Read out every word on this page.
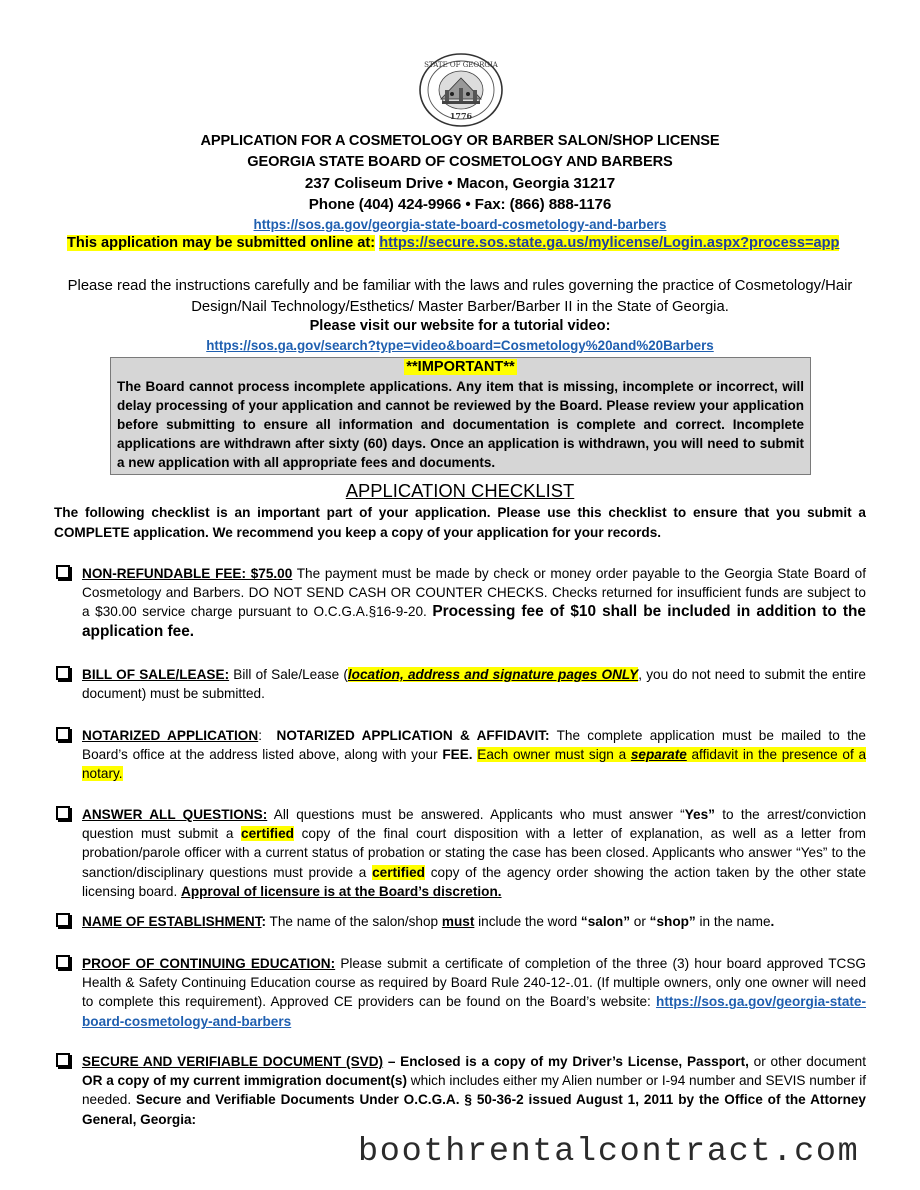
STATE OF GEORGIA
1776
APPLICATION FOR A COSMETOLOGY OR BARBER SALON/SHOP LICENSE
GEORGIA STATE BOARD OF COSMETOLOGY AND BARBERS
237 Coliseum Drive • Macon, Georgia 31217
Phone (404) 424-9966 • Fax: (866) 888-1176
https://sos.ga.gov/georgia-state-board-cosmetology-and-barbers
This application may be submitted online at: https://secure.sos.state.ga.us/mylicense/Login.aspx?process=app
Please read the instructions carefully and be familiar with the laws and rules governing the practice of Cosmetology/Hair
Design/Nail Technology/Esthetics/ Master Barber/Barber II in the State of Georgia.
Please visit our website for a tutorial video:
https://sos.ga.gov/search?type=video&board=Cosmetology%20and%20Barbers
**IMPORTANT**
The Board cannot process incomplete applications. Any item that is missing, incomplete or incorrect, will delay processing of your application and cannot be reviewed by the Board. Please review your application before submitting to ensure all information and documentation is complete and correct. Incomplete applications are withdrawn after sixty (60) days. Once an application is withdrawn, you will need to submit a new application with all appropriate fees and documents.
APPLICATION CHECKLIST
The following checklist is an important part of your application. Please use this checklist to ensure that you submit a COMPLETE application. We recommend you keep a copy of your application for your records.
NON-REFUNDABLE FEE: $75.00 The payment must be made by check or money order payable to the Georgia State Board of Cosmetology and Barbers. DO NOT SEND CASH OR COUNTER CHECKS. Checks returned for insufficient funds are subject to a $30.00 service charge pursuant to O.C.G.A.§16-9-20. Processing fee of $10 shall be included in addition to the application fee.
BILL OF SALE/LEASE: Bill of Sale/Lease (location, address and signature pages ONLY, you do not need to submit the entire document) must be submitted.
NOTARIZED APPLICATION: NOTARIZED APPLICATION & AFFIDAVIT: The complete application must be mailed to the Board’s office at the address listed above, along with your FEE. Each owner must sign a separate affidavit in the presence of a notary.
ANSWER ALL QUESTIONS: All questions must be answered. Applicants who must answer “Yes” to the arrest/conviction question must submit a certified copy of the final court disposition with a letter of explanation, as well as a letter from probation/parole officer with a current status of probation or stating the case has been closed. Applicants who answer “Yes” to the sanction/disciplinary questions must provide a certified copy of the agency order showing the action taken by the other state licensing board. Approval of licensure is at the Board’s discretion.
NAME OF ESTABLISHMENT: The name of the salon/shop must include the word “salon” or “shop” in the name.
PROOF OF CONTINUING EDUCATION: Please submit a certificate of completion of the three (3) hour board approved TCSG Health & Safety Continuing Education course as required by Board Rule 240-12-.01. (If multiple owners, only one owner will need to complete this requirement). Approved CE providers can be found on the Board’s website: https://sos.ga.gov/georgia-state-board-cosmetology-and-barbers
SECURE AND VERIFIABLE DOCUMENT (SVD) – Enclosed is a copy of my Driver’s License, Passport, or other document OR a copy of my current immigration document(s) which includes either my Alien number or I-94 number and SEVIS number if needed. Secure and Verifiable Documents Under O.C.G.A. § 50-36-2 issued August 1, 2011 by the Office of the Attorney General, Georgia:
boothrentalcontract.com
